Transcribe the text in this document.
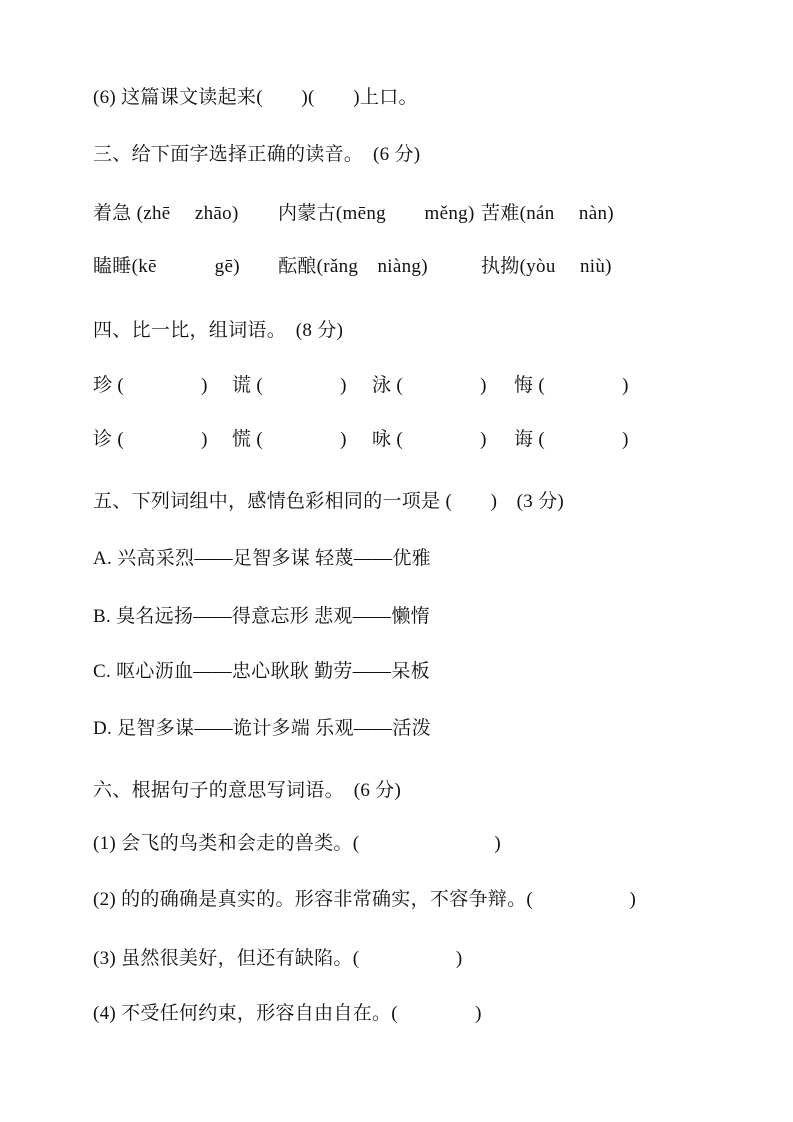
(6) 这篇课文读起来(　　)(　　)上口。
三、给下面字选择正确的读音。　(6 分)
着急 (zhē　 zhāo) 内蒙古(mēng　　měng) 苦难(nán　 nàn)
瞌睡(kē　　　gē) 酝酿(rǎng　niàng)	执拗(yòu　 niù)
四、比一比，组词语。　(8 分)
珍 (　　　　) 谎 (　　　　) 泳 (　　　　) 悔 (　　　　)
诊 (　　　　) 慌 (　　　　) 咏 (　　　　) 诲 (　　　　)
五、下列词组中，感情色彩相同的一项是 (　　)　(3 分)
A. 兴高采烈——足智多谋 轻蔑——优雅
B. 臭名远扬——得意忘形 悲观——懒惰
C. 呕心沥血——忠心耿耿 勤劳——呆板
D. 足智多谋——诡计多端 乐观——活泼
六、根据句子的意思写词语。　(6 分)
(1) 会飞的鸟类和会走的兽类。(　　　　　　　)
(2) 的的确确是真实的。形容非常确实，不容争辩。(　　　　　)
(3) 虽然很美好，但还有缺陷。(　　　　　)
(4) 不受任何约束，形容自由自在。(　　　　)
